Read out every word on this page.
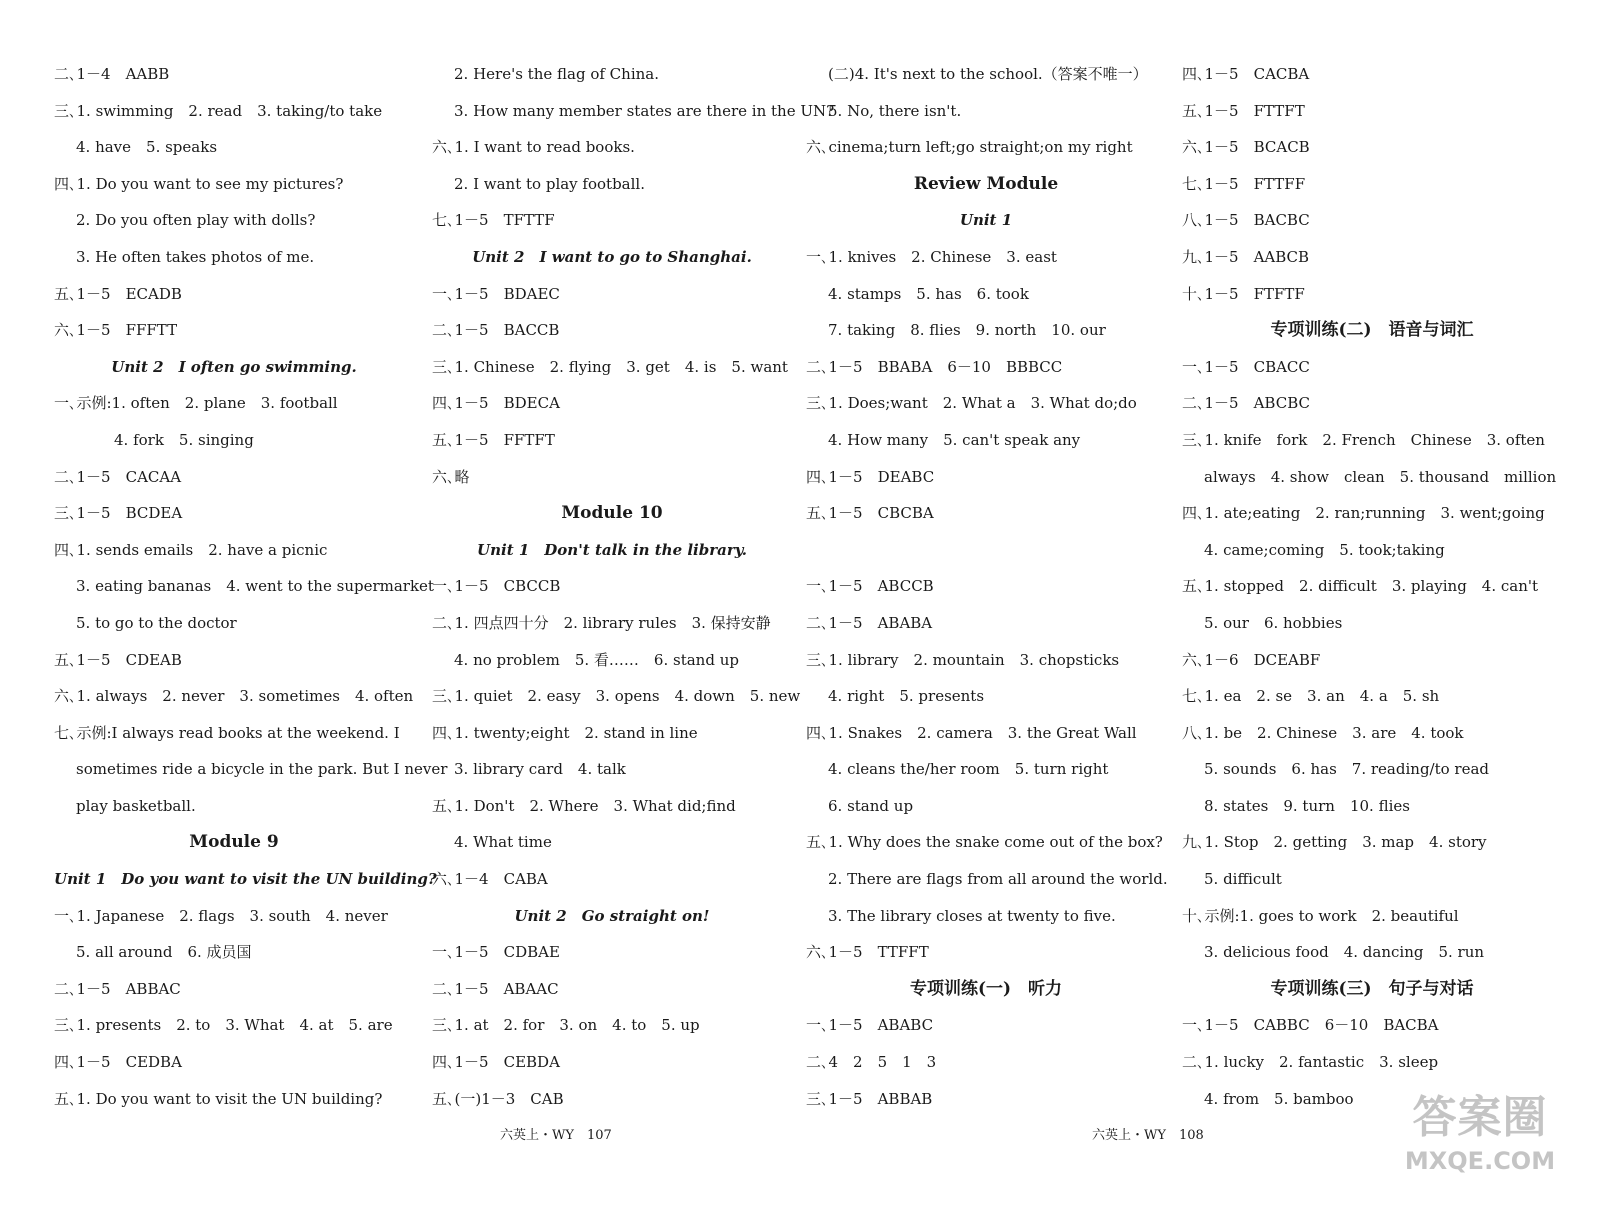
二､1－4　AABB
三､1. swimming　2. read　3. taking/to take
4. have　5. speaks
四､1. Do you want to see my pictures?
2. Do you often play with dolls?
3. He often takes photos of me.
五､1－5　ECADB
六､1－5　FFFTT
Unit 2　I often go swimming.
一､示例:1. often　2. plane　3. football
4. fork　5. singing
二､1－5　CACAA
三､1－5　BCDEA
四､1. sends emails　2. have a picnic
3. eating bananas　4. went to the supermarket
5. to go to the doctor
五､1－5　CDEAB
六､1. always　2. never　3. sometimes　4. often
七､示例:I always read books at the weekend. I
sometimes ride a bicycle in the park. But I never
play basketball.
Module 9
Unit 1　Do you want to visit the UN building?
一､1. Japanese　2. flags　3. south　4. never
5. all around　6. 成员国
二､1－5　ABBAC
三､1. presents　2. to　3. What　4. at　5. are
四､1－5　CEDBA
五､1. Do you want to visit the UN building?
2. Here's the flag of China.
3. How many member states are there in the UN?
六､1. I want to read books.
2. I want to play football.
七､1－5　TFTTF
Unit 2　I want to go to Shanghai.
一､1－5　BDAEC
二､1－5　BACCB
三､1. Chinese　2. flying　3. get　4. is　5. want
四､1－5　BDECA
五､1－5　FFTFT
六､略
Module 10
Unit 1　Don't talk in the library.
一､1－5　CBCCB
二､1. 四点四十分　2. library rules　3. 保持安静
4. no problem　5. 看……　6. stand up
三､1. quiet　2. easy　3. opens　4. down　5. new
四､1. twenty;eight　2. stand in line
3. library card　4. talk
五､1. Don't　2. Where　3. What did;find
4. What time
六､1－4　CABA
Unit 2　Go straight on!
一､1－5　CDBAE
二､1－5　ABAAC
三､1. at　2. for　3. on　4. to　5. up
四､1－5　CEBDA
五､(一)1－3　CAB
(二)4. It's next to the school.（答案不唯一）
5. No, there isn't.
六､cinema;turn left;go straight;on my right
Review Module
Unit 1
一､1. knives　2. Chinese　3. east
4. stamps　5. has　6. took
7. taking　8. flies　9. north　10. our
二､1－5　BBABA　6－10　BBBCC
三､1. Does;want　2. What a　3. What do;do
4. How many　5. can't speak any
四､1－5　DEABC
五､1－5　CBCBA
一､1－5　ABCCB
二､1－5　ABABA
三､1. library　2. mountain　3. chopsticks
4. right　5. presents
四､1. Snakes　2. camera　3. the Great Wall
4. cleans the/her room　5. turn right
6. stand up
五､1. Why does the snake come out of the box?
2. There are flags from all around the world.
3. The library closes at twenty to five.
六､1－5　TTFFT
专项训练(一)　听力
一､1－5　ABABC
二､4　2　5　1　3
三､1－5　ABBAB
四､1－5　CACBA
五､1－5　FTTFT
六､1－5　BCACB
七､1－5　FTTFF
八､1－5　BACBC
九､1－5　AABCB
十､1－5　FTFTF
专项训练(二)　语音与词汇
一､1－5　CBACC
二､1－5　ABCBC
三､1. knife　fork　2. French　Chinese　3. often
always　4. show　clean　5. thousand　million
四､1. ate;eating　2. ran;running　3. went;going
4. came;coming　5. took;taking
五､1. stopped　2. difficult　3. playing　4. can't
5. our　6. hobbies
六､1－6　DCEABF
七､1. ea　2. se　3. an　4. a　5. sh
八､1. be　2. Chinese　3. are　4. took
5. sounds　6. has　7. reading/to read
8. states　9. turn　10. flies
九､1. Stop　2. getting　3. map　4. story
5. difficult
十､示例:1. goes to work　2. beautiful
3. delicious food　4. dancing　5. run
专项训练(三)　句子与对话
一､1－5　CABBC　6－10　BACBA
二､1. lucky　2. fantastic　3. sleep
4. from　5. bamboo
六英上・WY　107	六英上・WY　108	答案圈
MXQE.COM
